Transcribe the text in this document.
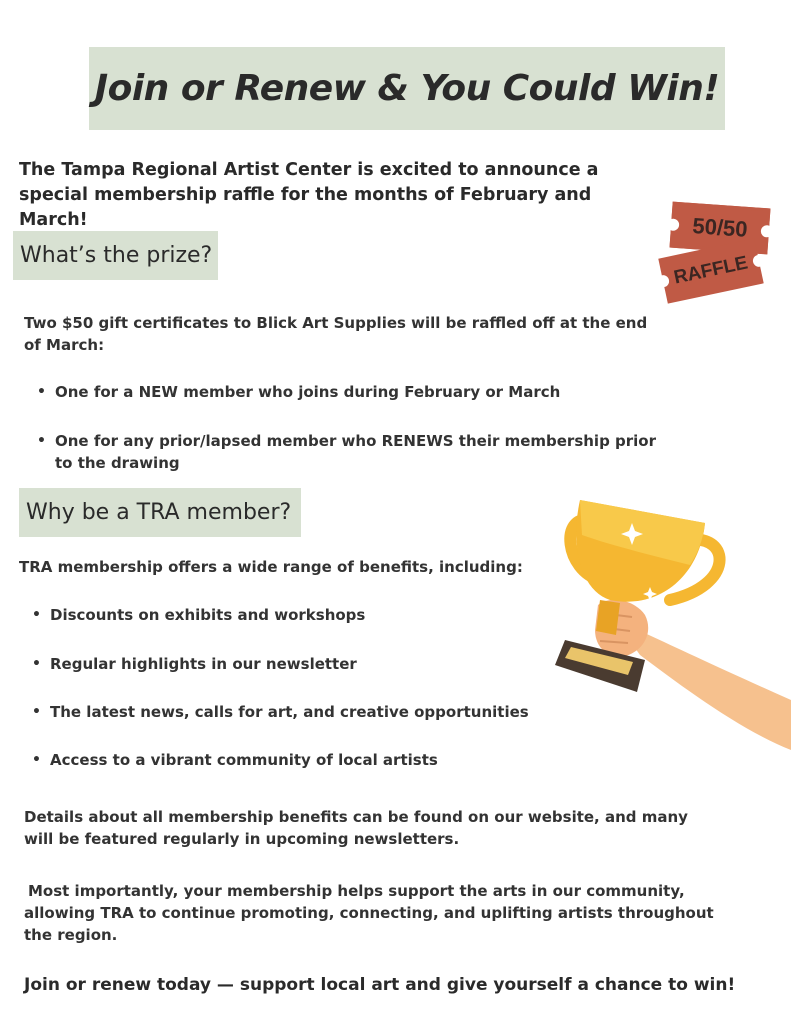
Join or Renew & You Could Win!
The Tampa Regional Artist Center is excited to announce a special membership raffle for the months of February and March!	50/50
RAFFLE
What’s the prize?
Two $50 gift certificates to Blick Art Supplies will be raffled off at the end of March:
• One for a NEW member who joins during February or March
• One for any prior/lapsed member who RENEWS their membership prior to the drawing
Why be a TRA member?
TRA membership offers a wide range of benefits, including:
• Discounts on exhibits and workshops
• Regular highlights in our newsletter
• The latest news, calls for art, and creative opportunities
• Access to a vibrant community of local artists
Details about all membership benefits can be found on our website, and many will be featured regularly in upcoming newsletters.
Most importantly, your membership helps support the arts in our community, allowing TRA to continue promoting, connecting, and uplifting artists throughout the region.
Join or renew today — support local art and give yourself a chance to win!
